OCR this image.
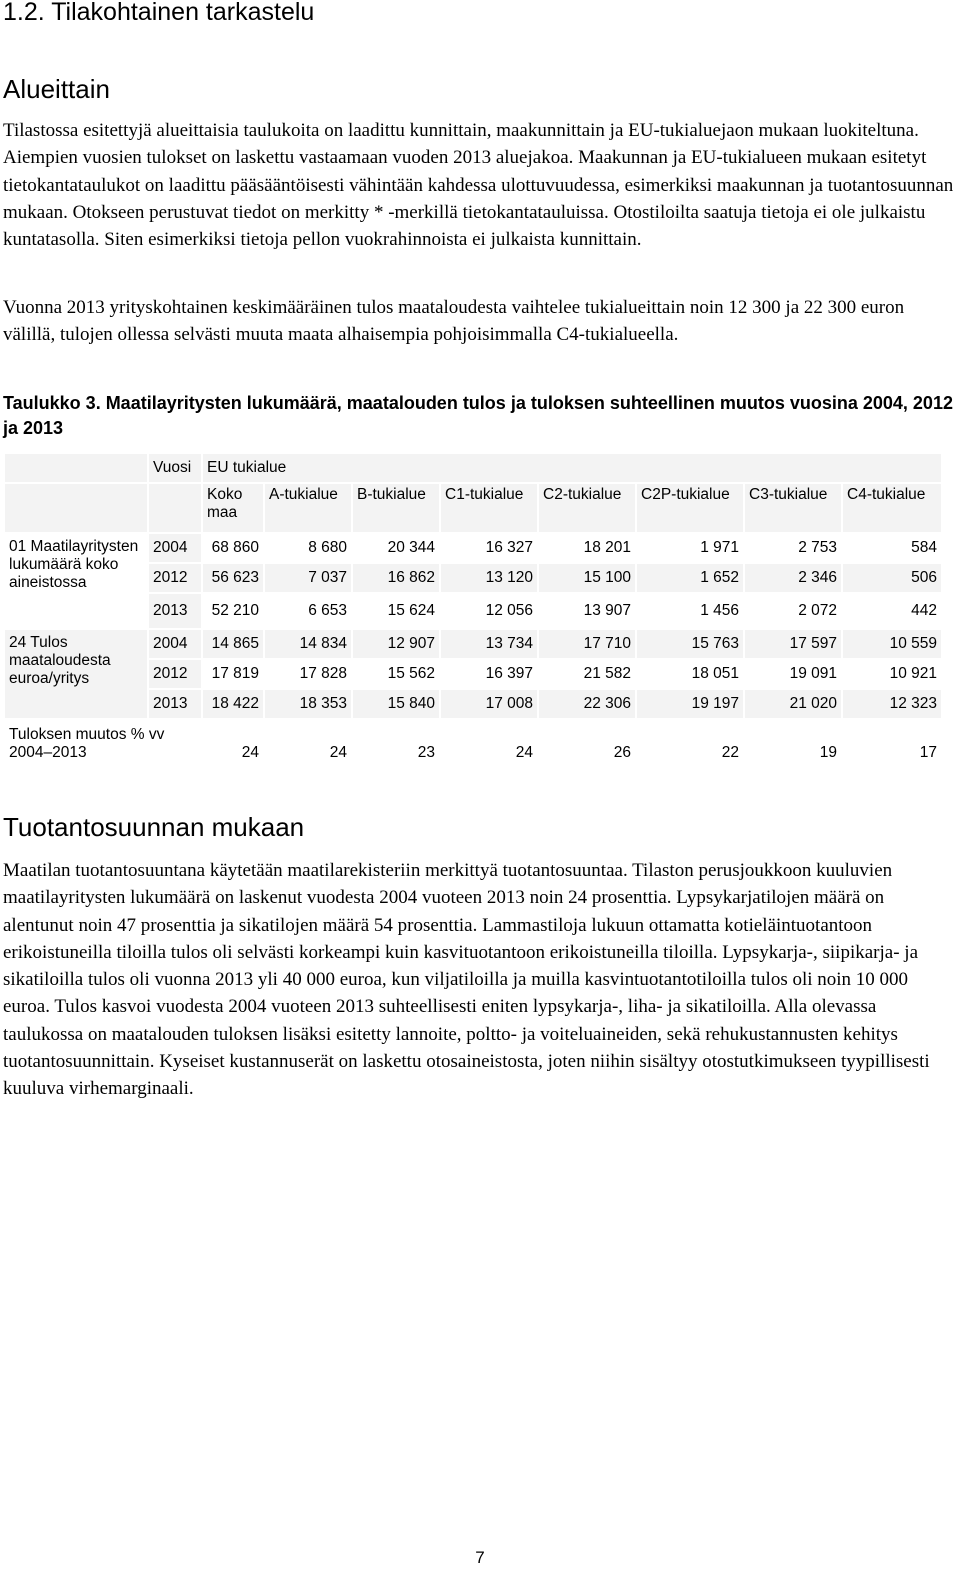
1.2. Tilakohtainen tarkastelu
Alueittain

Tilastossa esitettyjä alueittaisia taulukoita on laadittu kunnittain, maakunnittain ja EU-tukialuejaon mukaan luokiteltuna. Aiempien vuosien tulokset on laskettu vastaamaan vuoden 2013 aluejakoa. Maakunnan ja EU-tukialueen mukaan esitetyt tietokantataulukot on laadittu pääsääntöisesti vähintään kahdessa ulottuvuudessa, esimerkiksi maakunnan ja tuotantosuunnan mukaan. Otokseen perustuvat tiedot on merkitty * -merkillä tietokantatauluissa. Otostiloilta saatuja tietoja ei ole julkaistu kuntatasolla. Siten esimerkiksi tietoja pellon vuokrahinnoista ei julkaista kunnittain.

Vuonna 2013 yrityskohtainen keskimääräinen tulos maataloudesta vaihtelee tukialueittain noin 12 300 ja 22 300 euron välillä, tulojen ollessa selvästi muuta maata alhaisempia pohjoisimmalla C4-tukialueella.

Taulukko 3. Maatilayritysten lukumäärä, maatalouden tulos ja tuloksen suhteellinen muutos vuosina 2004, 2012 ja 2013

	Vuosi	EU tukialue							
		Koko maa	A-tukialue	B-tukialue	C1-tukialue	C2-tukialue	C2P-tukialue	C3-tukialue	C4-tukialue
01 Maatilayritysten lukumäärä koko aineistossa	2004	68 860	8 680	20 344	16 327	18 201	1 971	2 753	584
	2012	56 623	7 037	16 862	13 120	15 100	1 652	2 346	506
	2013	52 210	6 653	15 624	12 056	13 907	1 456	2 072	442
24 Tulos maataloudesta euroa/yritys	2004	14 865	14 834	12 907	13 734	17 710	15 763	17 597	10 559
	2012	17 819	17 828	15 562	16 397	21 582	18 051	19 091	10 921
	2013	18 422	18 353	15 840	17 008	22 306	19 197	21 020	12 323
Tuloksen muutos % vv 2004–2013		24	24	23	24	26	22	19	17
Tuotantosuunnan mukaan

Maatilan tuotantosuuntana käytetään maatilarekisteriin merkittyä tuotantosuuntaa. Tilaston perusjoukkoon kuuluvien maatilayritysten lukumäärä on laskenut vuodesta 2004 vuoteen 2013 noin 24 prosenttia. Lypsykarjatilojen määrä on alentunut noin 47 prosenttia ja sikatilojen määrä 54 prosenttia. Lammastiloja lukuun ottamatta kotieläintuotantoon erikoistuneilla tiloilla tulos oli selvästi korkeampi kuin kasvituotantoon erikoistuneilla tiloilla. Lypsykarja-, siipikarja- ja sikatiloilla tulos oli vuonna 2013 yli 40 000 euroa, kun viljatiloilla ja muilla kasvintuotantotiloilla tulos oli noin 10 000 euroa. Tulos kasvoi vuodesta 2004 vuoteen 2013 suhteellisesti eniten lypsykarja-, liha- ja sikatiloilla. Alla olevassa taulukossa on maatalouden tuloksen lisäksi esitetty lannoite, poltto- ja voiteluaineiden, sekä rehukustannusten kehitys tuotantosuunnittain. Kyseiset kustannuserät on laskettu otosaineistosta, joten niihin sisältyy otostutkimukseen tyypillisesti kuuluva virhemarginaali.

7
